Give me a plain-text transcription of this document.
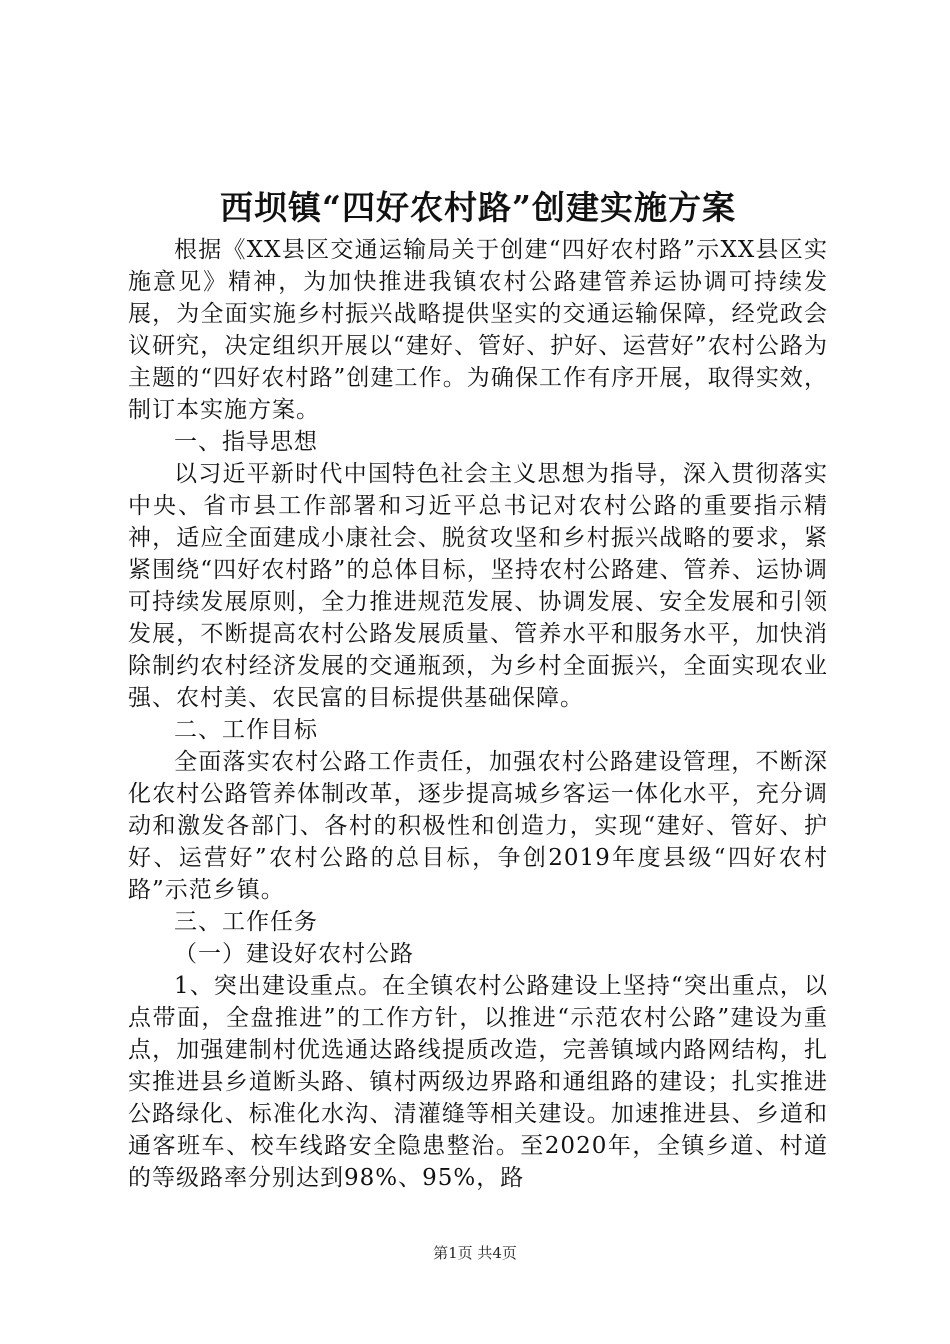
西坝镇“四好农村路”创建实施方案

根据《XX县区交通运输局关于创建“四好农村路”示XX县区实施意见》精神，为加快推进我镇农村公路建管养运协调可持续发展，为全面实施乡村振兴战略提供坚实的交通运输保障，经党政会议研究，决定组织开展以“建好、管好、护好、运营好”农村公路为主题的“四好农村路”创建工作。为确保工作有序开展，取得实效，制订本实施方案。

一、指导思想

以习近平新时代中国特色社会主义思想为指导，深入贯彻落实中央、省市县工作部署和习近平总书记对农村公路的重要指示精神，适应全面建成小康社会、脱贫攻坚和乡村振兴战略的要求，紧紧围绕“四好农村路”的总体目标，坚持农村公路建、管养、运协调可持续发展原则，全力推进规范发展、协调发展、安全发展和引领发展，不断提高农村公路发展质量、管养水平和服务水平，加快消除制约农村经济发展的交通瓶颈，为乡村全面振兴，全面实现农业强、农村美、农民富的目标提供基础保障。

二、工作目标

全面落实农村公路工作责任，加强农村公路建设管理，不断深化农村公路管养体制改革，逐步提高城乡客运一体化水平，充分调动和激发各部门、各村的积极性和创造力，实现“建好、管好、护好、运营好”农村公路的总目标，争创2019年度县级“四好农村路”示范乡镇。

三、工作任务

（一）建设好农村公路

1、突出建设重点。在全镇农村公路建设上坚持“突出重点，以点带面，全盘推进”的工作方针，以推进“示范农村公路”建设为重点，加强建制村优选通达路线提质改造，完善镇域内路网结构，扎实推进县乡道断头路、镇村两级边界路和通组路的建设；扎实推进公路绿化、标准化水沟、清灌缝等相关建设。加速推进县、乡道和通客班车、校车线路安全隐患整治。至2020年，全镇乡道、村道的等级路率分别达到98%、95%，路

第1页 共4页
